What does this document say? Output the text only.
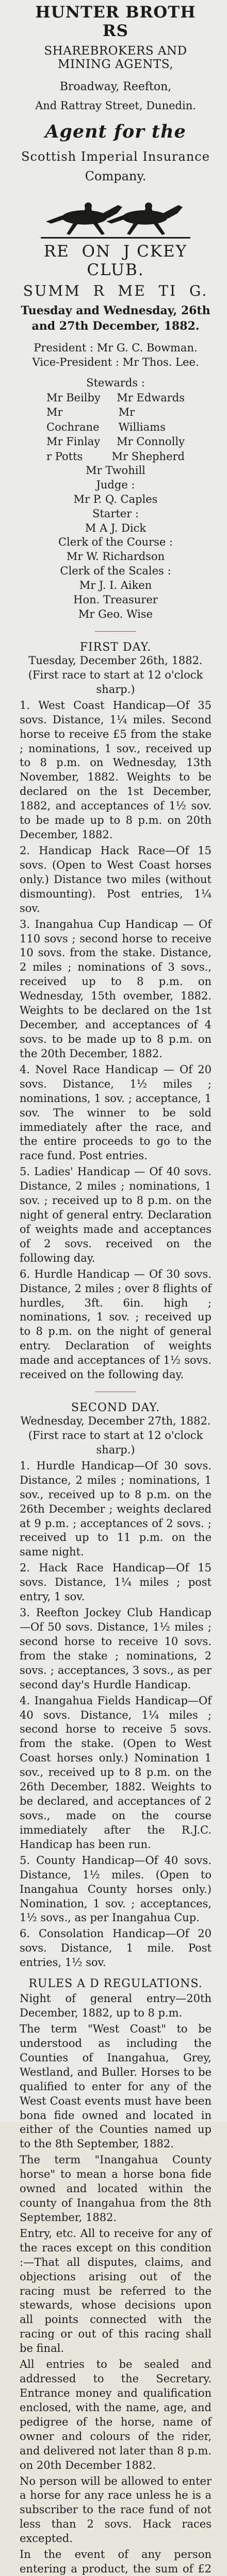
HUNTER BROTH RS

SHAREBROKERS AND MINING AGENTS,

Broadway, Reefton,

And Rattray Street, Dunedin.

Agent for the

Scottish Imperial Insurance

Company.

RE  ON  J CKEY  CLUB.

SUMM  R  ME  TI  G.

Tuesday and Wednesday, 26th and 27th December, 1882.

President : Mr G. C. Bowman.

Vice-President : Mr Thos. Lee.

Stewards :

Mr Beilby Mr Edwards
Mr Cochrane
Mr Williams
Mr Finlay Mr Connolly
r Potts	Mr Shepherd

Mr Twohill

Judge :

Mr P. Q. Caples

Starter :

M A J. Dick

Clerk of the Course :

Mr W. Richardson

Clerk of the Scales :

Mr J. I. Aiken

Hon. Treasurer

Mr Geo. Wise

FIRST DAY.

Tuesday, December 26th, 1882.

(First race to start at 12 o'clock sharp.)

1. West Coast Handicap—Of 35 sovs. Distance, 1¼ miles. Second horse to receive £5 from the stake ; nominations, 1 sov., received up to 8 p.m. on Wednesday, 13th November, 1882. Weights to be declared on the 1st December, 1882, and acceptances of 1½ sov. to be made up to 8 p.m. on 20th December, 1882.

2. Handicap Hack Race—Of 15 sovs. (Open to West Coast horses only.) Distance two miles (without dismounting). Post entries, 1¼ sov.

3. Inangahua Cup Handicap — Of 110 sovs ; second horse to receive 10 sovs. from the stake. Distance, 2 miles ; nominations of 3 sovs., received up to 8 p.m. on Wednesday, 15th ovember, 1882. Weights to be declared on the 1st December, and acceptances of 4 sovs. to be made up to 8 p.m. on the 20th December, 1882.

4. Novel Race Handicap — Of 20 sovs. Distance, 1½ miles ; nominations, 1 sov. ; acceptance, 1 sov. The winner to be sold immediately after the race, and the entire proceeds to go to the race fund. Post entries.

5. Ladies' Handicap — Of 40 sovs. Distance, 2 miles ; nominations, 1 sov. ; received up to 8 p.m. on the night of general entry. Declaration of weights made and acceptances of 2 sovs. received on the following day.

6. Hurdle Handicap — Of 30 sovs. Distance, 2 miles ; over 8 flights of hurdles, 3ft. 6in. high ; nominations, 1 sov. ; received up to 8 p.m. on the night of general entry. Declaration of weights made and acceptances of 1½ sovs. received on the following day.

SECOND DAY.

Wednesday, December 27th, 1882.

(First race to start at 12 o'clock sharp.)

1. Hurdle Handicap—Of 30 sovs. Distance, 2 miles ; nominations, 1 sov., received up to 8 p.m. on the 26th December ; weights declared at 9 p.m. ; acceptances of 2 sovs. ; received up to 11 p.m. on the same night.

2. Hack Race Handicap—Of 15 sovs. Distance, 1¼ miles ; post entry, 1 sov.

3. Reefton Jockey Club Handicap—Of 50 sovs. Distance, 1½ miles ; second horse to receive 10 sovs. from the stake ; nominations, 2 sovs. ; acceptances, 3 sovs., as per second day's Hurdle Handicap.

4. Inangahua Fields Handicap—Of 40 sovs. Distance, 1¼ miles ; second horse to receive 5 sovs. from the stake. (Open to West Coast horses only.) Nomination 1 sov., received up to 8 p.m. on the 26th December, 1882. Weights to be declared, and acceptances of 2 sovs., made on the course immediately after the R.J.C. Handicap has been run.

5. County Handicap—Of 40 sovs. Distance, 1½ miles. (Open to Inangahua County horses only.) Nomination, 1 sov. ; acceptances, 1½ sovs., as per Inangahua Cup.

6. Consolation Handicap—Of 20 sovs. Distance, 1 mile. Post entries, 1½ sov.

RULES A D REGULATIONS.

Night of general entry—20th December, 1882, up to 8 p.m.

The term "West Coast" to be understood as including the Counties of Inangahua, Grey, Westland, and Buller. Horses to be qualified to enter for any of the West Coast events must have been bona fide owned and located in either of the Counties named up to the 8th September, 1882.

The term "Inangahua County horse" to mean a horse bona fide owned and located within the county of Inangahua from the 8th September, 1882.

Entry, etc. All to receive for any of the races except on this condition :—That all disputes, claims, and objections arising out of the racing must be referred to the stewards, whose decisions upon all points connected with the racing or out of this racing shall be final.

All entries to be sealed and addressed to the Secretary. Entrance money and qualification enclosed, with the name, age, and pedigree of the horse, name of owner and colours of the rider, and delivered not later than 8 p.m. on 20th December 1882.

No person will be allowed to enter a horse for any race unless he is a subscriber to the race fund of not less than 2 sovs. Hack races excepted.

In the event of any person entering a product, the sum of £2
